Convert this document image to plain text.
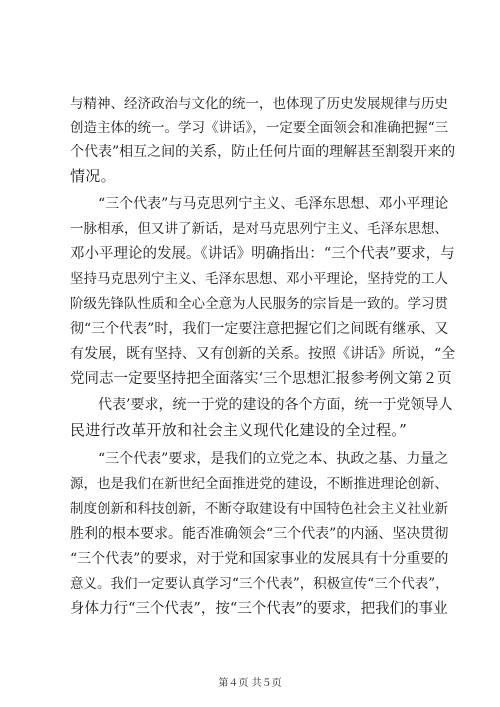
与精神、经济政治与文化的统一，也体现了历史发展规律与历史
创造主体的统一。学习《讲话》，一定要全面领会和准确把握“三
个代表”相互之间的关系，防止任何片面的理解甚至割裂开来的
情况。
　　“三个代表”与马克思列宁主义、毛泽东思想、邓小平理论
一脉相承，但又讲了新话，是对马克思列宁主义、毛泽东思想、
邓小平理论的发展。《讲话》明确指出：“三个代表”要求，与
坚持马克思列宁主义、毛泽东思想、邓小平理论，坚持党的工人
阶级先锋队性质和全心全意为人民服务的宗旨是一致的。学习贯
彻“三个代表”时，我们一定要注意把握它们之间既有继承、又
有发展，既有坚持、又有创新的关系。按照《讲话》所说，“全
党同志一定要坚持把全面落实‘三个思想汇报参考例文第２页
　　代表’要求，统一于党的建设的各个方面，统一于党领导人
民进行改革开放和社会主义现代化建设的全过程。”
　　“三个代表”要求，是我们的立党之本、执政之基、力量之
源，也是我们在新世纪全面推进党的建设，不断推进理论创新、
制度创新和科技创新，不断夺取建设有中国特色社会主义社业新
胜利的根本要求。能否准确领会“三个代表”的内涵、坚决贯彻
“三个代表”的要求，对于党和国家事业的发展具有十分重要的
意义。我们一定要认真学习“三个代表”，积极宣传“三个代表”，
身体力行“三个代表”，按“三个代表”的要求，把我们的事业
第４页 共５页
